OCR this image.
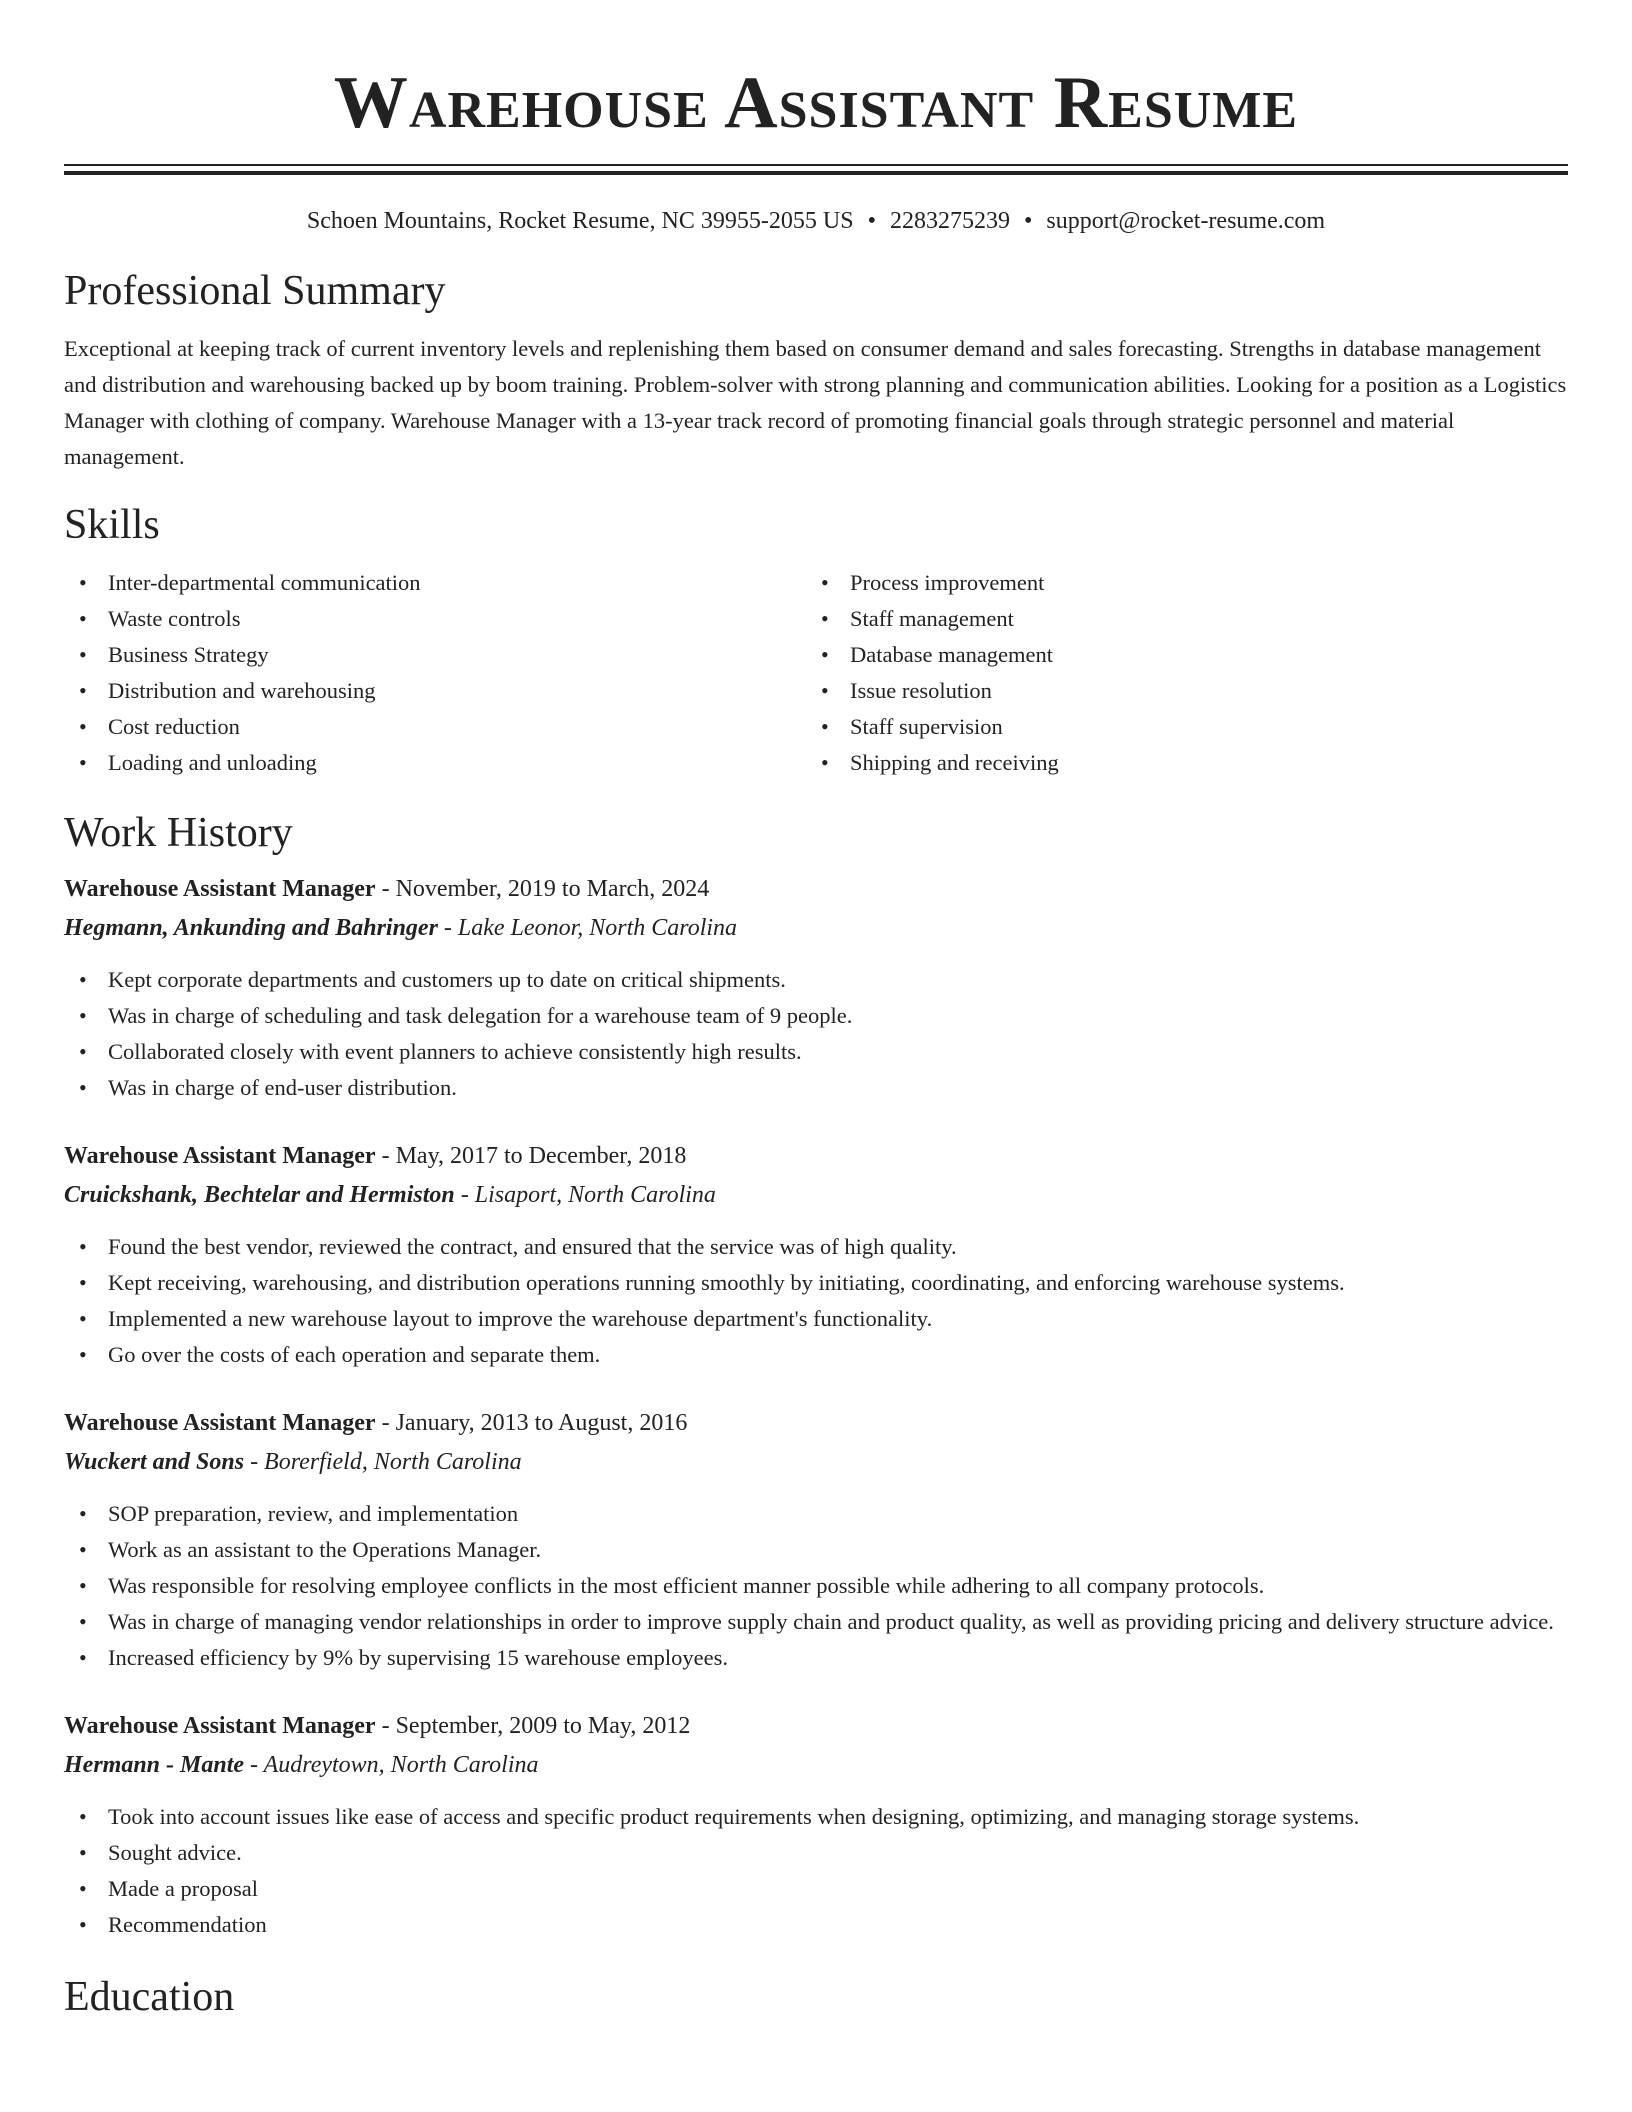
Warehouse Assistant Resume
Schoen Mountains, Rocket Resume, NC 39955-2055 US • 2283275239 • support@rocket-resume.com
Professional Summary

Exceptional at keeping track of current inventory levels and replenishing them based on consumer demand and sales forecasting. Strengths in database management and distribution and warehousing backed up by boom training. Problem-solver with strong planning and communication abilities. Looking for a position as a Logistics Manager with clothing of company. Warehouse Manager with a 13-year track record of promoting financial goals through strategic personnel and material management.

Skills
• Inter-departmental communication
• Waste controls
• Business Strategy
• Distribution and warehousing
• Cost reduction
• Loading and unloading
• Process improvement
• Staff management
• Database management
• Issue resolution
• Staff supervision
• Shipping and receiving
Work History
Warehouse Assistant Manager - November, 2019 to March, 2024
Hegmann, Ankunding and Bahringer - Lake Leonor, North Carolina
• Kept corporate departments and customers up to date on critical shipments.
• Was in charge of scheduling and task delegation for a warehouse team of 9 people.
• Collaborated closely with event planners to achieve consistently high results.
• Was in charge of end-user distribution.
Warehouse Assistant Manager - May, 2017 to December, 2018
Cruickshank, Bechtelar and Hermiston - Lisaport, North Carolina
• Found the best vendor, reviewed the contract, and ensured that the service was of high quality.
• Kept receiving, warehousing, and distribution operations running smoothly by initiating, coordinating, and enforcing warehouse systems.
• Implemented a new warehouse layout to improve the warehouse department's functionality.
• Go over the costs of each operation and separate them.
Warehouse Assistant Manager - January, 2013 to August, 2016
Wuckert and Sons - Borerfield, North Carolina
• SOP preparation, review, and implementation
• Work as an assistant to the Operations Manager.
• Was responsible for resolving employee conflicts in the most efficient manner possible while adhering to all company protocols.
• Was in charge of managing vendor relationships in order to improve supply chain and product quality, as well as providing pricing and delivery structure advice.
• Increased efficiency by 9% by supervising 15 warehouse employees.
Warehouse Assistant Manager - September, 2009 to May, 2012
Hermann - Mante - Audreytown, North Carolina
• Took into account issues like ease of access and specific product requirements when designing, optimizing, and managing storage systems.
• Sought advice.
• Made a proposal
• Recommendation
Education
